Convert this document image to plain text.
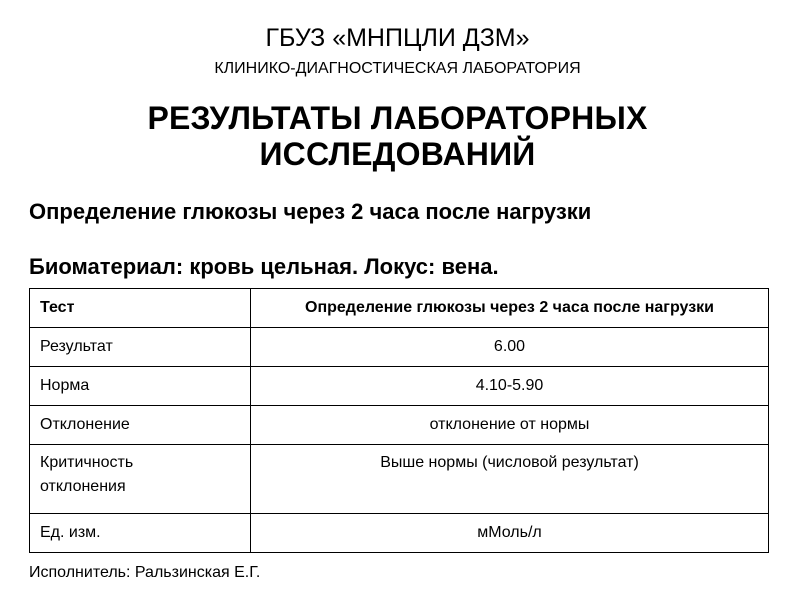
ГБУЗ «МНПЦЛИ ДЗМ»
КЛИНИКО-ДИАГНОСТИЧЕСКАЯ ЛАБОРАТОРИЯ
РЕЗУЛЬТАТЫ ЛАБОРАТОРНЫХ
ИССЛЕДОВАНИЙ
Определение глюкозы через 2 часа после нагрузки
Биоматериал: кровь цельная. Локус: вена.
Тест	Определение глюкозы через 2 часа после нагрузки
Результат	6.00
Норма	4.10-5.90
Отклонение	отклонение от нормы

Критичность
отклонения	Выше нормы (числовой результат)
Ед. изм.	мМоль/л
Исполнитель: Ральзинская Е.Г.
